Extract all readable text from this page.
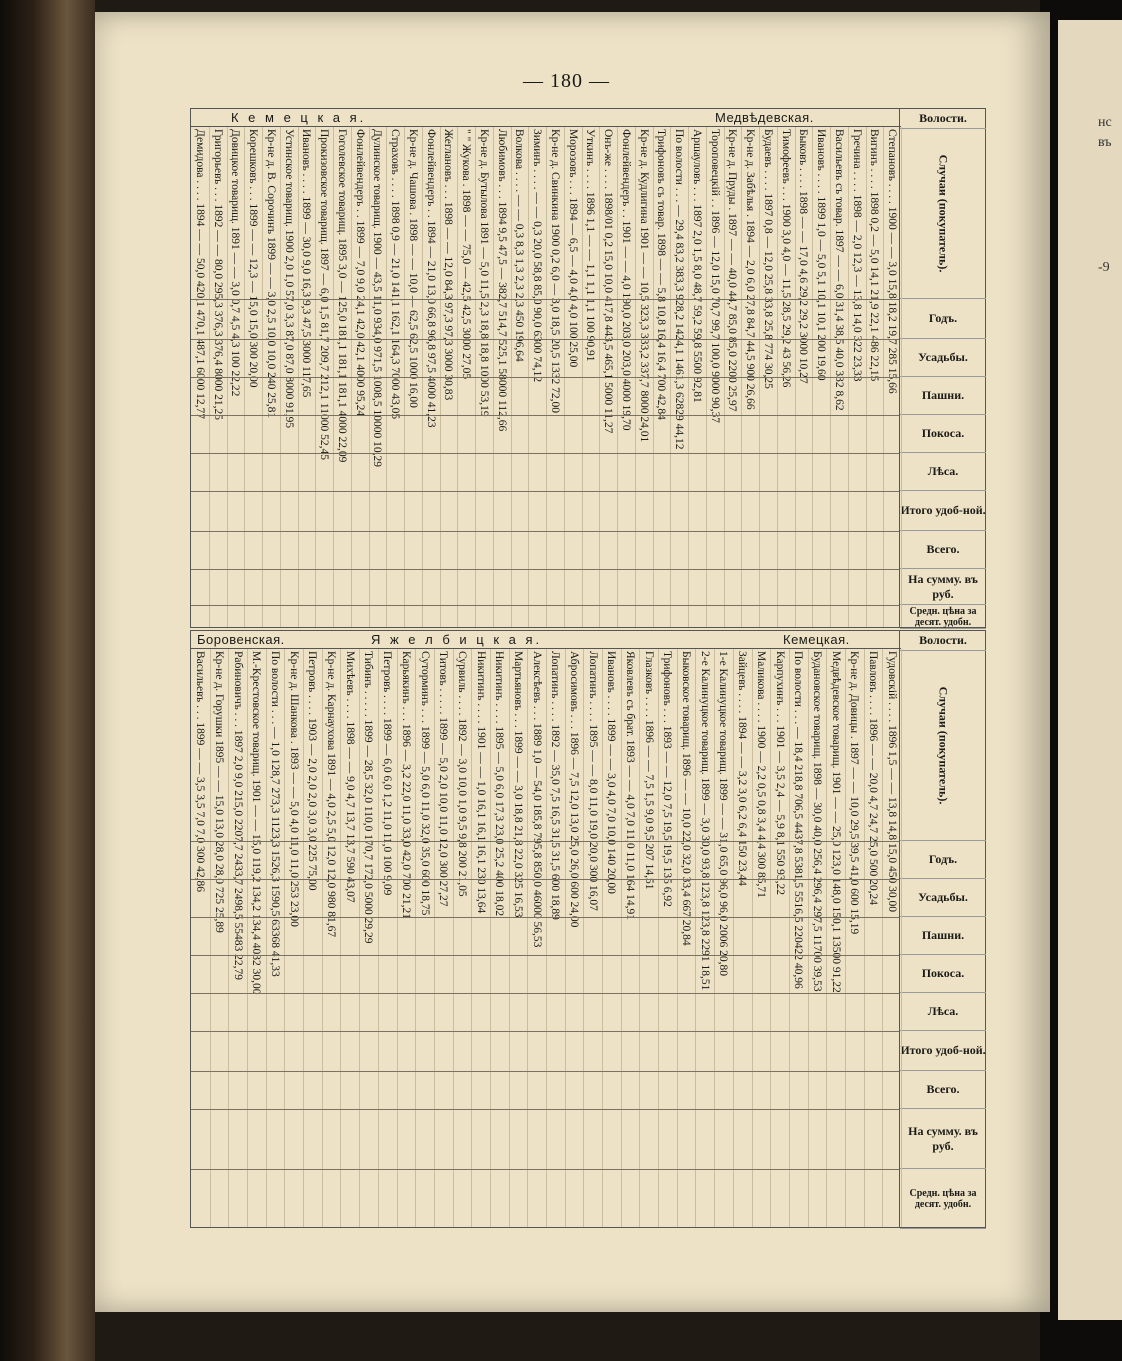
нс
въ
-9
— 180 —
Волости.
Случаи (покупатель).
Годъ.
Усадьбы.
Пашни.
Покоса.
Лѣса.
Итого удоб-ной.
Всего.
На сумму. въ руб.
Средн. цѣна за десят. удобн.
К е м е ц к а я.	Медвѣдевская.
Степановъ . . . . 1900 — — 3,0 15,8 18,2 19,7 285 15,66
Вигинъ . . . . 1898 0,2 — 5,0 14,1 21,9 22,1 486 22,15
Гречина . . . . 1898 — 2,0 12,3 — 13,8 14,0 322 23,33
Васильевъ съ товар. 1897 — — 6,0 31,4 38,5 40,0 332 8,62
Ивановъ . . . . 1899 1,0 — 5,0 5,1 10,1 10,1 200 19,60
Быковъ . . . . 1898 — — 17,0 4,6 29,2 29,2 3000 10,27
Тимофеевъ . . . 1900 3,0 4,0 — 11,5 28,5 29,2 43 56,26
Будаевъ . . . . 1897 0,8 — 12,0 25,8 33,8 25,8 774 30,25
Кр-не д. Забѣлья . 1894 — 2,0 6,0 27,8 84,7 44,5 900 26,66
Кр-не д. Пруды . 1897 — — 40,0 44,7 85,0 85,0 2200 25,97
Тороповецкій . . 1896 — 12,0 15,0 70,7 99,7 100,0 9000 90,37
Аршауловъ . . . 1897 2,0 1,5 8,0 48,7 59,2 59,8 5500 92,81
По волости . . . — 29,4 83,2 383,3 928,2 1424,1 1461,3 62829 44,12
Трифоновъ съ товар. 1898 — — 5,8 10,8 16,4 16,4 700 42,84
Кр-не д. Кудлигина 1901 — — 10,5 323,3 333,2 337,7 8000 24,01
Фонлейвендеръ . . 1901 — — 4,0 190,0 203,0 203,0 4000 19,70
Онъ-же . . . . 1898/01 0,2 15,0 10,0 417,8 443,5 465,1 5000 11,27
Уткинъ . . . . 1896 1,1 — — 1,1 1,1 1,1 100 90,91
Морозовъ . . . 1894 — 6,5 — 4,0 4,0 4,0 100 25,00
Кр-не д. Свинкина 1900 0,2 6,0 — 3,0 18,5 20,5 1332 72,00
Зиминъ . . . . — — 0,3 20,0 58,8 85,0 90,0 6300 74,12
Волкова . . . . — — 0,3 8,3 1,3 2,3 2,3 450 196,64
Любимовъ . . . 1894 9,5 47,5 — 382,7 514,7 525,1 58000 112,66
Кр-не д. Бутылова 1891 — 5,0 11,5 2,3 18,8 18,8 1000 53,19
" " Жукова . 1898 — — 75,0 — 42,5 42,5 3000 27,05
Жеглановъ . . . 1898 — — 12,0 84,3 97,3 97,3 3000 30,83
Фонлейвендеръ . . 1894 — 21,0 13,0 66,8 96,8 97,5 4000 41,23
Кр-не д. Чашова . 1898 — — 10,0 — 62,5 62,5 1000 16,00
Страховъ . . . . 1898 0,9 — 21,0 141,1 162,1 164,3 7000 43,05
Дулинское товарищ. 1900 — 43,5 11,0 934,0 971,5 1008,5 10000 10,29
Фонлейвендеръ . . 1899 — 7,0 9,0 24,1 42,0 42,1 4000 95,24
Гоголевское товарищ. 1895 3,0 — 125,0 181,1 181,1 181,1 4000 22,09
Прокизовское товарищ. 1897 — 6,0 1,5 81,7 209,7 212,1 11000 52,45
Ивановъ . . . . 1899 — 30,0 9,0 16,3 9,3 47,5 3000 117,65
Устинское товарищ. 1900 2,0 1,0 57,0 3,3 87,0 87,0 8000 91,95
Кр-не д. В. Сорочинъ 1899 — — 3,0 2,5 10,0 10,0 240 25,81
Корешковъ . . . 1899 — — 12,3 — 15,0 15,0 300 20,00
Довицкое товарищ. 1891 — — 3,0 0,7 4,5 4,3 100 22,22
Григорьевъ . . . 1892 — — 80,0 295,3 376,3 376,4 8000 21,25
Демидова . . . . 1894 — — 50,0 420,1 470,1 487,1 6000 12,77
Волости.
Случаи (покупатель).
Годъ.
Усадьбы.
Пашни.
Покоса.
Лѣса.
Итого удоб-ной.
Всего.
На сумму. въ руб.
Средн. цѣна за десят. удобн.
Боровенская.	Я ж е л б и ц к а я.	Кемецкая.
Гудовскій . . . . 1896 1,5 — — 13,8 14,8 15,0 450 30,00
Павловъ . . . . 1896 — — 20,0 4,7 24,7 25,0 500 20,24
Кр-не д. Довицы . 1897 — — 10,0 29,5 39,5 41,0 600 15,19
Медвѣдевское товарищ. 1901 — — 25,0 123,0 148,0 150,1 13500 91,22
Будановское товарищ. 1898 — 30,0 40,0 256,4 296,4 297,5 11700 39,53
По волости . . . — 18,4 218,8 706,5 4437,8 5381,5 5516,5 220422 40,96
Карпухинъ . . . 1901 — 3,5 2,4 — 5,9 8,1 550 93,22
Маликова . . . . 1900 — 2,2 0,5 0,8 3,4 4,4 300 85,71
Зайцевъ . . . . 1894 — — 3,2 3,0 6,2 6,4 150 23,44
1-е Калинуцкое товарищ. 1899 — — 31,0 65,0 96,0 96,0 2006 20,80
2-е Калинуцкое товарищ. 1899 — 3,0 30,0 93,8 123,8 123,8 2291 18,51
Быковское товарищ. 1896 — — 10,0 22,0 32,0 33,4 667 20,84
Трифоновъ . . . 1893 — — 12,0 7,5 19,5 19,5 135 6,92
Глазковъ . . . . 1896 — — 7,5 1,5 9,0 9,5 207 14,51
Яковлевъ съ брат. 1893 — — 4,0 7,0 11,0 11,0 164 14,91
Ивановъ . . . . 1899 — — 3,0 4,0 7,0 10,0 140 20,00
Лопатинъ . . . . 1895 — — 8,0 11,0 19,0 20,0 300 16,07
Абросимовъ . . . 1896 — 7,5 12,0 13,0 25,0 26,0 600 24,00
Лопатинъ . . . . 1892 — 35,0 7,5 16,5 31,5 31,5 600 18,89
Алексѣевъ . . . 1889 1,0 — 54,0 185,8 795,8 850,0 46000 56,53
Мартьяновъ . . . 1899 — — 3,0 18,8 21,8 22,0 325 16,53
Никитинъ . . . . 1895 — 5,0 6,0 17,3 23,0 25,2 400 18,02
Никитинъ . . . . 1901 — — 1,0 16,1 16,1 16,1 230 13,64
Сурвиль . . . . 1892 — 3,0 10,0 1,0 9,5 9,8 200 21,05
Титовъ . . . . . 1899 — 5,0 2,0 10,0 11,0 12,0 300 27,27
Суторминъ . . . 1899 — 5,0 6,0 11,0 32,0 35,0 600 18,75
Карьякинъ . . . 1896 — 3,2 22,0 11,0 33,0 42,0 700 21,21
Петровъ . . . . 1899 — 6,0 6,0 1,2 11,0 11,0 100 9,09
Тибинъ . . . . . 1899 — 28,5 32,0 110,0 170,7 172,0 5000 29,29
Михѣевъ . . . . 1898 — — 9,0 4,7 13,7 13,7 590 43,07
Кр-не д. Карнаухова 1891 — 4,0 2,5 5,0 12,0 12,0 980 81,67
Петровъ . . . . 1903 — 2,0 2,0 2,0 3,0 3,0 225 75,00
Кр-не д. Шанкова . 1893 — — 5,0 4,0 11,0 11,0 253 23,00
По волости . . . — 1,0 128,7 273,3 1123,3 1526,3 1590,5 63368 41,33
М.-Крестовское товарищ. 1901 — — 15,0 119,2 134,2 134,4 4032 30,00
Рабиновичъ . . . 1897 2,0 9,0 215,0 2207,7 2433,7 2498,5 55483 22,79
Кр-не д. Горушки 1895 — — 15,0 13,0 28,0 28,0 725 25,89
Васильевъ . . . 1899 — — 3,5 3,5 7,0 7,0 300 42,86
